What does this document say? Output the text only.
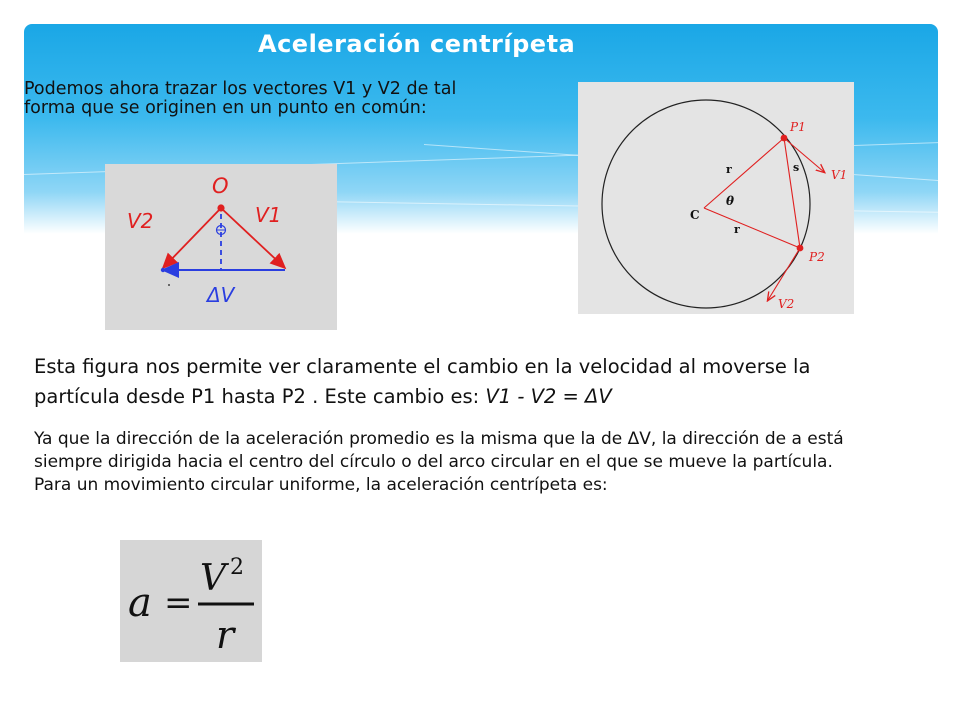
Aceleración centrípeta
Podemos ahora trazar los vectores V1 y V2 de tal forma que se originen en un punto en común:
O
V2	V1
ΔV
P1
P2
V1
V2
C
r
r
s
θ
Esta figura nos permite ver claramente el cambio en la velocidad al moverse la partícula desde P1 hasta P2 . Este cambio es: V1 - V2 = ΔV
Ya que la dirección de la aceleración promedio es la misma que la de ΔV, la dirección de a está siempre dirigida hacia el centro del círculo o del arco circular en el que se mueve la partícula. Para un movimiento circular uniforme, la aceleración centrípeta es:
a =
V 2
r
